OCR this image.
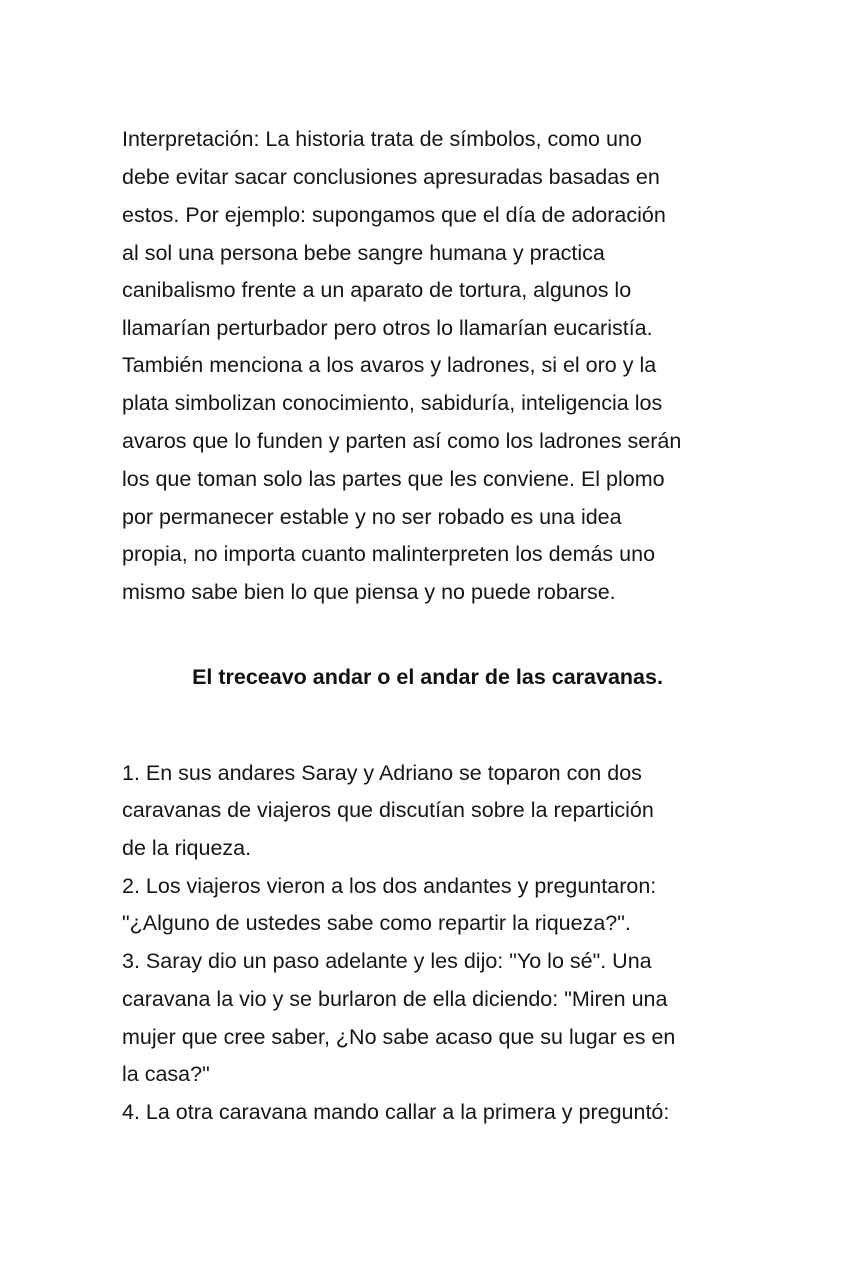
Interpretación: La historia trata de símbolos, como uno
debe evitar sacar conclusiones apresuradas basadas en
estos. Por ejemplo: supongamos que el día de adoración
al sol una persona bebe sangre humana y practica
canibalismo frente a un aparato de tortura, algunos lo
llamarían perturbador pero otros lo llamarían eucaristía.
También menciona a los avaros y ladrones, si el oro y la
plata simbolizan conocimiento, sabiduría, inteligencia los
avaros que lo funden y parten así como los ladrones serán
los que toman solo las partes que les conviene. El plomo
por permanecer estable y no ser robado es una idea
propia, no importa cuanto malinterpreten los demás uno
mismo sabe bien lo que piensa y no puede robarse.
El treceavo andar o el andar de las caravanas.
1. En sus andares Saray y Adriano se toparon con dos
caravanas de viajeros que discutían sobre la repartición
de la riqueza.
2. Los viajeros vieron a los dos andantes y preguntaron:
"¿Alguno de ustedes sabe como repartir la riqueza?".
3. Saray dio un paso adelante y les dijo: "Yo lo sé". Una
caravana la vio y se burlaron de ella diciendo: "Miren una
mujer que cree saber, ¿No sabe acaso que su lugar es en
la casa?"
4. La otra caravana mando callar a la primera y preguntó:
